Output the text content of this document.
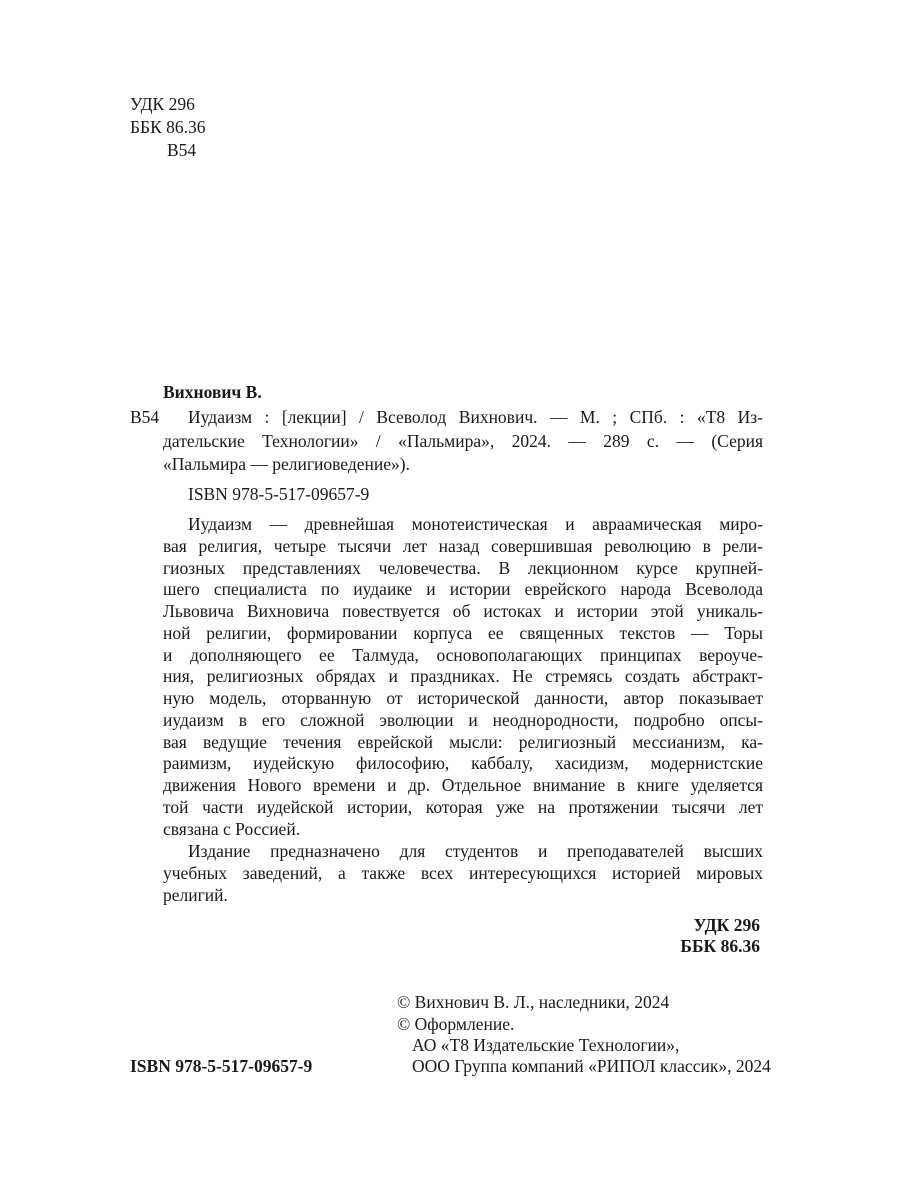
УДК 296
ББК 86.36
В54
Вихнович В.
В54 Иудаизм : [лекции] / Всеволод Вихнович. — М. ; СПб. : «Т8 Из-
дательские Технологии» / «Пальмира», 2024. — 289 с. — (Серия
«Пальмира — религиоведение»).
ISBN 978-5-517-09657-9
Иудаизм — древнейшая монотеистическая и авраамическая миро-
вая религия, четыре тысячи лет назад совершившая революцию в рели-
гиозных представлениях человечества. В лекционном курсе крупней-
шего специалиста по иудаике и истории еврейского народа Всеволода
Львовича Вихновича повествуется об истоках и истории этой уникаль-
ной религии, формировании корпуса ее священных текстов — Торы
и дополняющего ее Талмуда, основополагающих принципах вероуче-
ния, религиозных обрядах и праздниках. Не стремясь создать абстракт-
ную модель, оторванную от исторической данности, автор показывает
иудаизм в его сложной эволюции и неоднородности, подробно опсы-
вая ведущие течения еврейской мысли: религиозный мессианизм, ка-
раимизм, иудейскую философию, каббалу, хасидизм, модернистские
движения Нового времени и др. Отдельное внимание в книге уделяется
той части иудейской истории, которая уже на протяжении тысячи лет
связана с Россией.
Издание предназначено для студентов и преподавателей высших
учебных заведений, а также всех интересующихся историей мировых
религий.
УДК 296
ББК 86.36
© Вихнович В. Л., наследники, 2024
© Оформление.
АО «Т8 Издательские Технологии»,
ООО Группа компаний «РИПОЛ классик», 2024
ISBN 978-5-517-09657-9
